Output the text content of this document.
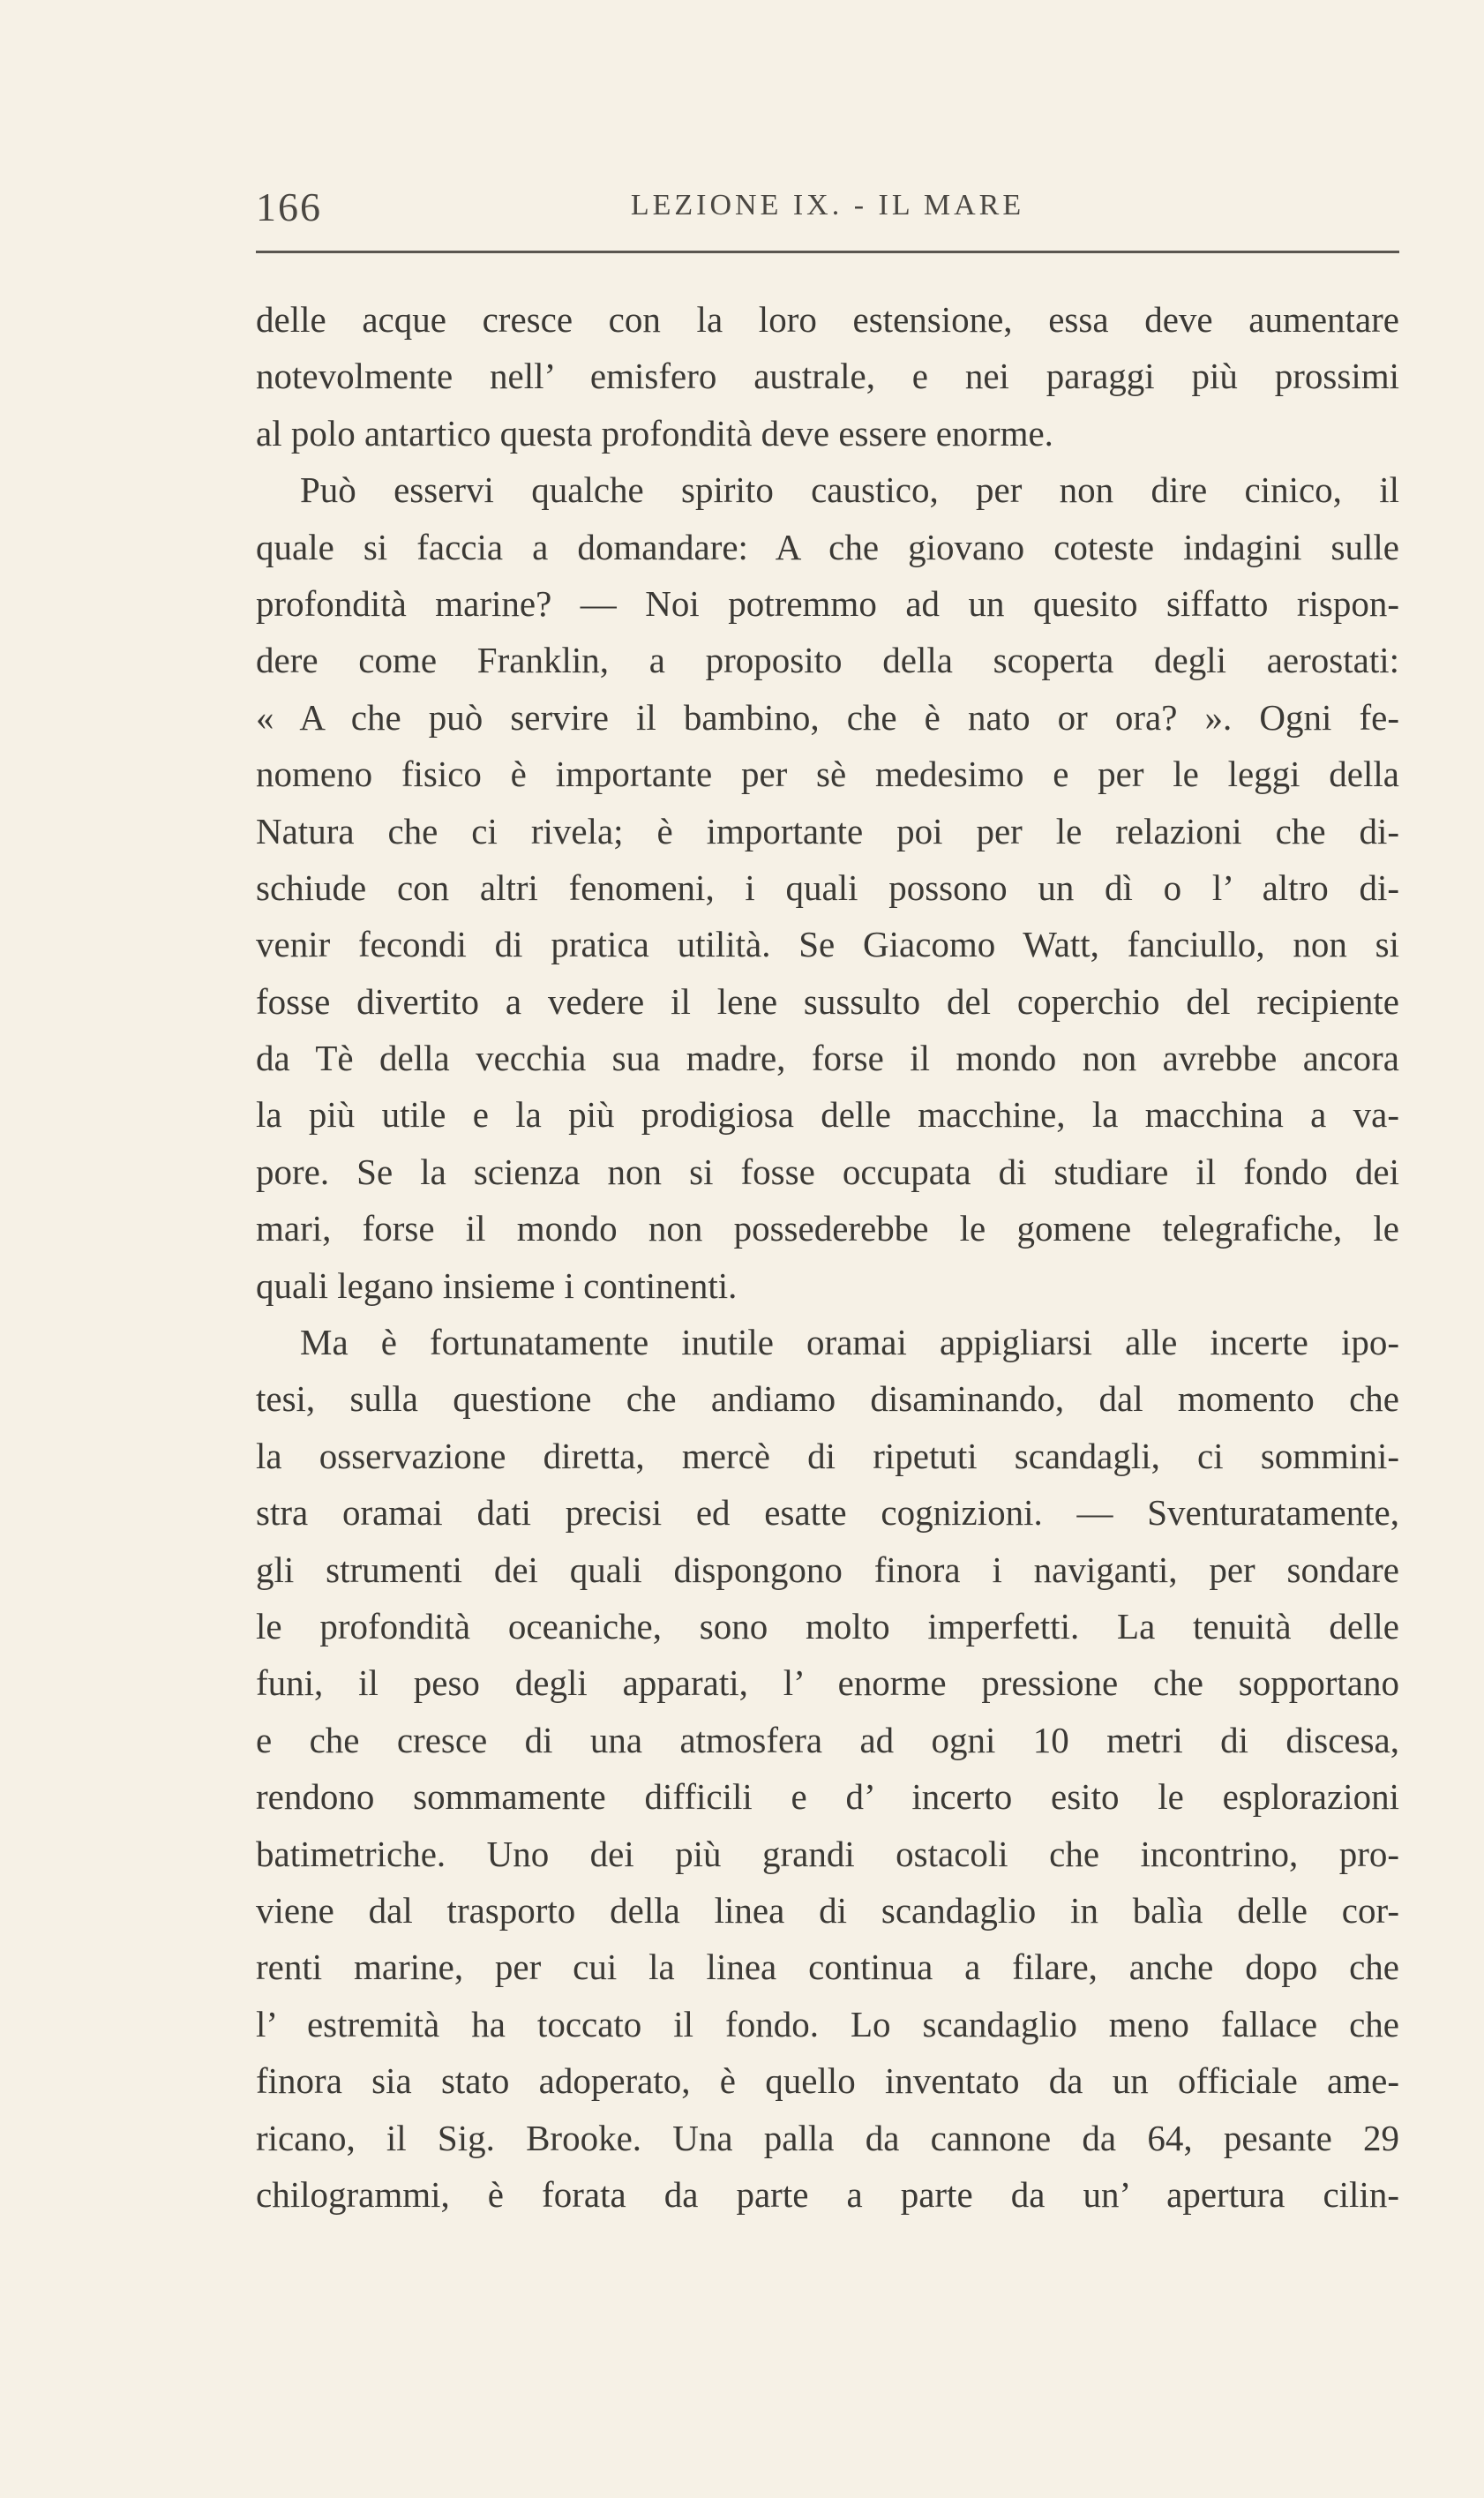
166	LEZIONE IX. - IL MARE
delle acque cresce con la loro estensione, essa deve aumentare
notevolmente nell’ emisfero australe, e nei paraggi più prossimi
al polo antartico questa profondità deve essere enorme.
Può esservi qualche spirito caustico, per non dire cinico, il
quale si faccia a domandare: A che giovano coteste indagini sulle
profondità marine? — Noi potremmo ad un quesito siffatto rispon-
dere come Franklin, a proposito della scoperta degli aerostati:
« A che può servire il bambino, che è nato or ora? ». Ogni fe-
nomeno fisico è importante per sè medesimo e per le leggi della
Natura che ci rivela; è importante poi per le relazioni che di-
schiude con altri fenomeni, i quali possono un dì o l’ altro di-
venir fecondi di pratica utilità. Se Giacomo Watt, fanciullo, non si
fosse divertito a vedere il lene sussulto del coperchio del recipiente
da Tè della vecchia sua madre, forse il mondo non avrebbe ancora
la più utile e la più prodigiosa delle macchine, la macchina a va-
pore. Se la scienza non si fosse occupata di studiare il fondo dei
mari, forse il mondo non possederebbe le gomene telegrafiche, le
quali legano insieme i continenti.
Ma è fortunatamente inutile oramai appigliarsi alle incerte ipo-
tesi, sulla questione che andiamo disaminando, dal momento che
la osservazione diretta, mercè di ripetuti scandagli, ci sommini-
stra oramai dati precisi ed esatte cognizioni. — Sventuratamente,
gli strumenti dei quali dispongono finora i naviganti, per sondare
le profondità oceaniche, sono molto imperfetti. La tenuità delle
funi, il peso degli apparati, l’ enorme pressione che sopportano
e che cresce di una atmosfera ad ogni 10 metri di discesa,
rendono sommamente difficili e d’ incerto esito le esplorazioni
batimetriche. Uno dei più grandi ostacoli che incontrino, pro-
viene dal trasporto della linea di scandaglio in balìa delle cor-
renti marine, per cui la linea continua a filare, anche dopo che
l’ estremità ha toccato il fondo. Lo scandaglio meno fallace che
finora sia stato adoperato, è quello inventato da un officiale ame-
ricano, il Sig. Brooke. Una palla da cannone da 64, pesante 29
chilogrammi, è forata da parte a parte da un’ apertura cilin-
